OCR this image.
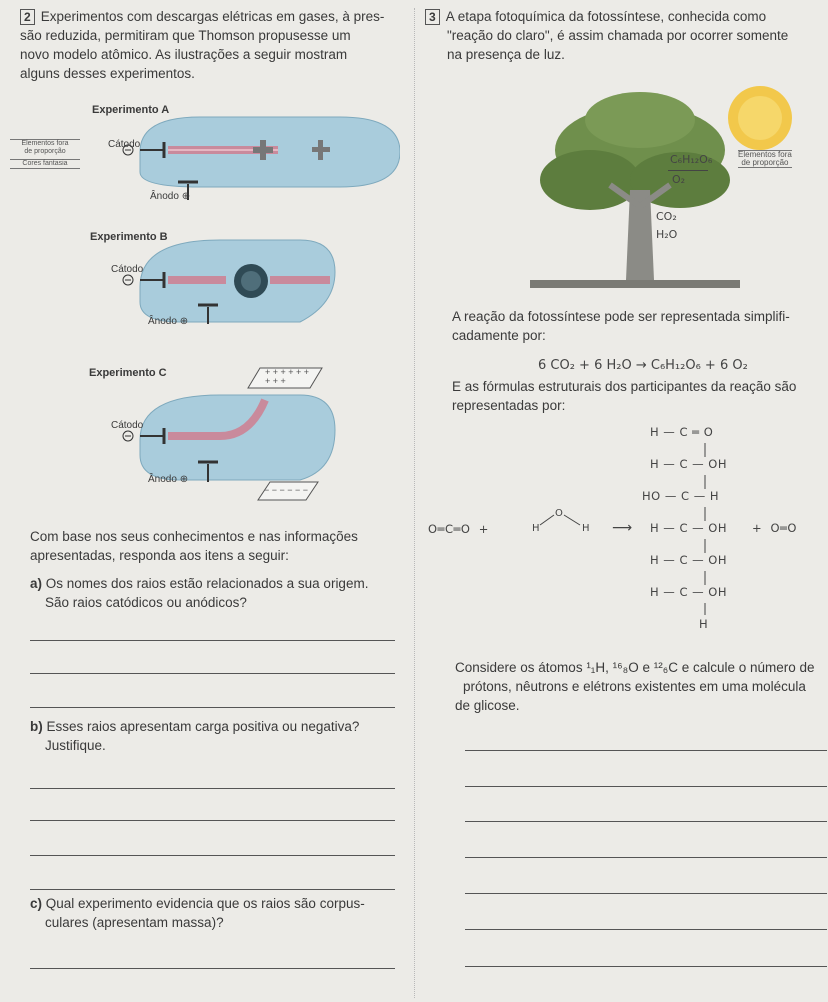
2 Experimentos com descargas elétricas em gases, à pres-
são reduzida, permitiram que Thomson propusesse um
novo modelo atômico. As ilustrações a seguir mostram
alguns desses experimentos.
Experimento A
Elementos fora
de proporção
Cores fantasia
Cátodo
Ânodo ⊕
Experimento B
Cátodo
Ânodo ⊕
Experimento C	+ + + + + + + + +
− − − − − −
Cátodo
Ânodo ⊕
Com base nos seus conhecimentos e nas informações
apresentadas, responda aos itens a seguir:
a) Os nomes dos raios estão relacionados a sua origem.
São raios catódicos ou anódicos?
b) Esses raios apresentam carga positiva ou negativa?
Justifique.
c) Qual experimento evidencia que os raios são corpus-
culares (apresentam massa)?
3 A etapa fotoquímica da fotossíntese, conhecida como
"reação do claro", é assim chamada por ocorrer somente
na presença de luz.
C₆H₁₂O₆
O₂
CO₂
H₂O
Elementos fora
de proporção
A reação da fotossíntese pode ser representada simplifi-
cadamente por:
6 CO₂ + 6 H₂O → C₆H₁₂O₆ + 6 O₂
E as fórmulas estruturais dos participantes da reação são
representadas por:
O═C═O  +
O
H	H ⟶
H — C ═ O
H — C — OH
HO — C — H
H — C — OH
H — C — OH
H — C — OH
H
+  O═O
Considere os átomos ¹₁H, ¹⁶₈O e ¹²₆C e calcule o número de
prótons, nêutrons e elétrons existentes em uma molécula
de glicose.
